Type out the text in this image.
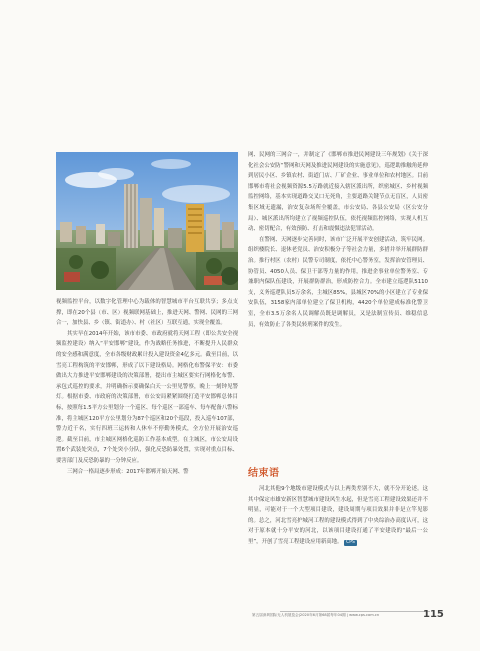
视频监控平台，以数字化管理中心为载体的智慧城市平台互联共享；多点支撑，即在20个县（市、区）视频联网基础上，推进天网、警网、民网的三网合一，加快县、乡（镇、街道办）、村（社区）互联互通，实现全覆盖。

其实早在2014年开始，该市市委、市政府就将天网工程（即公共安全视频监控建设）纳入“平安邯郸”建设，作为战略任务推进，不断提升人民群众的安全感和满意度，全市各级财政累计投入建设资金4亿多元。截至目前，以雪亮工程构筑的平安邯郸，形成了以下建设格局。网格化布警保平安：市委做出大力推进平安邯郸建设的决策部署，提出市主城区要实行网格化布警、承包式巡控的要求，并明确指示要确保白天一公里见警察，晚上一刻钟见警灯。根据市委、市政府的决策部署，市公安局紧紧围绕打造平安邯郸总体目标，按照每1.5平方公里划分一个巡区、每个巡区一部巡车、每车配备八警标准，将主城区120平方公里划分为87个巡区和20个巡段，投入巡车107部，警力近千名，实行四班三运转和人休车不停勤务模式，全方位开展治安巡逻。截至目前，市主城区网格化巡防工作基本成型。在主城区，市公安局设置6个武装处突点，7个处突小分队，强化反恐防暴处置，实现对重点目标、要害部门及反恐防暴的一分钟反应。

三网合一格局逐步形成：2017年邯郸开始天网、警

网、民网的三网合一，并制定了《邯郸市推进民网建设三年规划》《关于深化社会公安防“警网和天网及推进民网建设的实施意见》，巡逻助推触角延伸到居民小区、乡镇农村、街道门店、厂矿企业、事业单位和农村地区。目前邯郸市将社会视频资源5.5万路就近接入辖区派出所，织密城区、乡村视频监控网络，基本实现道路交叉口无死角，主要道路关键节点无盲区，人员密集区域无遗漏，治安复杂场所全覆盖，市公安局、各县公安局（区公安分局）、城区派出所均建立了视频巡控队伍，依托视频监控网络，实现人机互动、密切配合，有效预防、打击和震慑违法犯罪活动。

在警网、天网逐步完善同时，该市广泛开展平安创建活动，筑牢民网。组织楼院长、退休老党员、治安积极分子等社会力量，多措并举开展群防群治。推行村区（农村）民警专司制度，依托中心警务室，发挥治安管理员、协管员、4050人员、保卫干部等力量的作用，推进企事业单位警务室、专兼职内保队伍建设，开展群防群治，形成防控合力。全市建立巡逻队5110支，义务巡逻队员5万余名，主城区85%，县城区70%的小区建立了专业保安队伍，3158家内部单位建立了保卫机构，4420个单位建成标准化警卫室，全市3.5万余名人民调解员既是调解员，又是法制宣传员、维稳信息员，有效防止了各类民转刑案件的发生。

结束语

河北其他9个地级市建设模式与以上两类差别不大，就不分开论述。这其中保定市雄安新区智慧城市建设风生水起，但是雪亮工程建设效果还并不明显，可能对于一个大型项目建设，建设周期与项目效果并非是立竿见影的。总之，河北雪亮护城河工程的建设模式得到了中央综治办高度认可，这对于原本就十分平安的河北，以该项目建设打通了平安建设的“最后一公里”，开创了雪亮工程建设应用新高地。 CPS

第五届深圳国际无人机展览会|2020年6月第68届每年04期 | www.cps.com.cn	115
